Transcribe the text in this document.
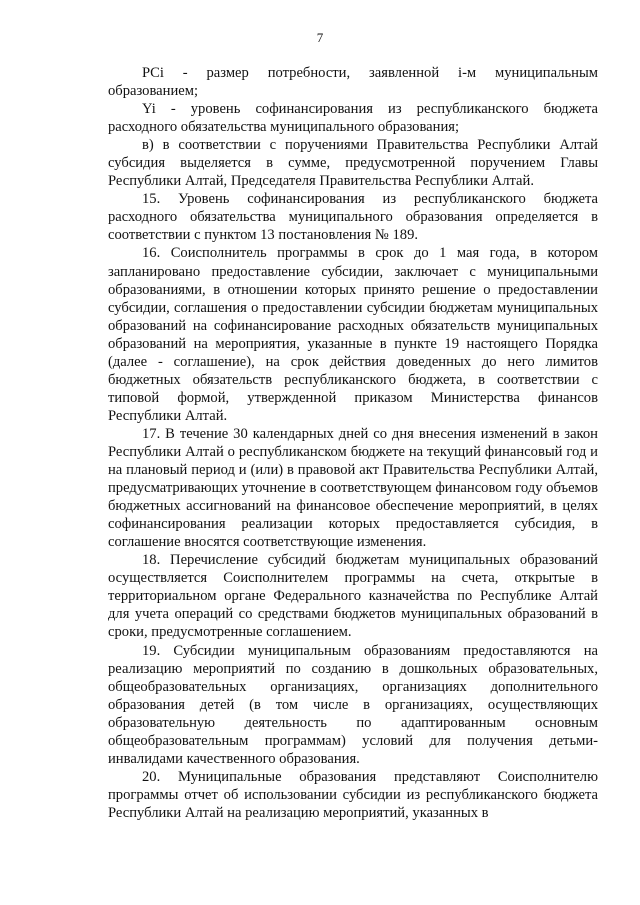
7

PCi - размер потребности, заявленной i-м муниципальным образованием;

Yi - уровень софинансирования из республиканского бюджета расходного обязательства муниципального образования;

в) в соответствии с поручениями Правительства Республики Алтай субсидия выделяется в сумме, предусмотренной поручением Главы Республики Алтай, Председателя Правительства Республики Алтай.

15. Уровень софинансирования из республиканского бюджета расходного обязательства муниципального образования определяется в соответствии с пунктом 13 постановления № 189.

16. Соисполнитель программы в срок до 1 мая года, в котором запланировано предоставление субсидии, заключает с муниципальными образованиями, в отношении которых принято решение о предоставлении субсидии, соглашения о предоставлении субсидии бюджетам муниципальных образований на софинансирование расходных обязательств муниципальных образований на мероприятия, указанные в пункте 19 настоящего Порядка (далее - соглашение), на срок действия доведенных до него лимитов бюджетных обязательств республиканского бюджета, в соответствии с типовой формой, утвержденной приказом Министерства финансов Республики Алтай.

17. В течение 30 календарных дней со дня внесения изменений в закон Республики Алтай о республиканском бюджете на текущий финансовый год и на плановый период и (или) в правовой акт Правительства Республики Алтай, предусматривающих уточнение в соответствующем финансовом году объемов бюджетных ассигнований на финансовое обеспечение мероприятий, в целях софинансирования реализации которых предоставляется субсидия, в соглашение вносятся соответствующие изменения.

18. Перечисление субсидий бюджетам муниципальных образований осуществляется Соисполнителем программы на счета, открытые в территориальном органе Федерального казначейства по Республике Алтай для учета операций со средствами бюджетов муниципальных образований в сроки, предусмотренные соглашением.

19. Субсидии муниципальным образованиям предоставляются на реализацию мероприятий по созданию в дошкольных образовательных, общеобразовательных организациях, организациях дополнительного образования детей (в том числе в организациях, осуществляющих образовательную деятельность по адаптированным основным общеобразовательным программам) условий для получения детьми-инвалидами качественного образования.

20. Муниципальные образования представляют Соисполнителю программы отчет об использовании субсидии из республиканского бюджета Республики Алтай на реализацию мероприятий, указанных в
